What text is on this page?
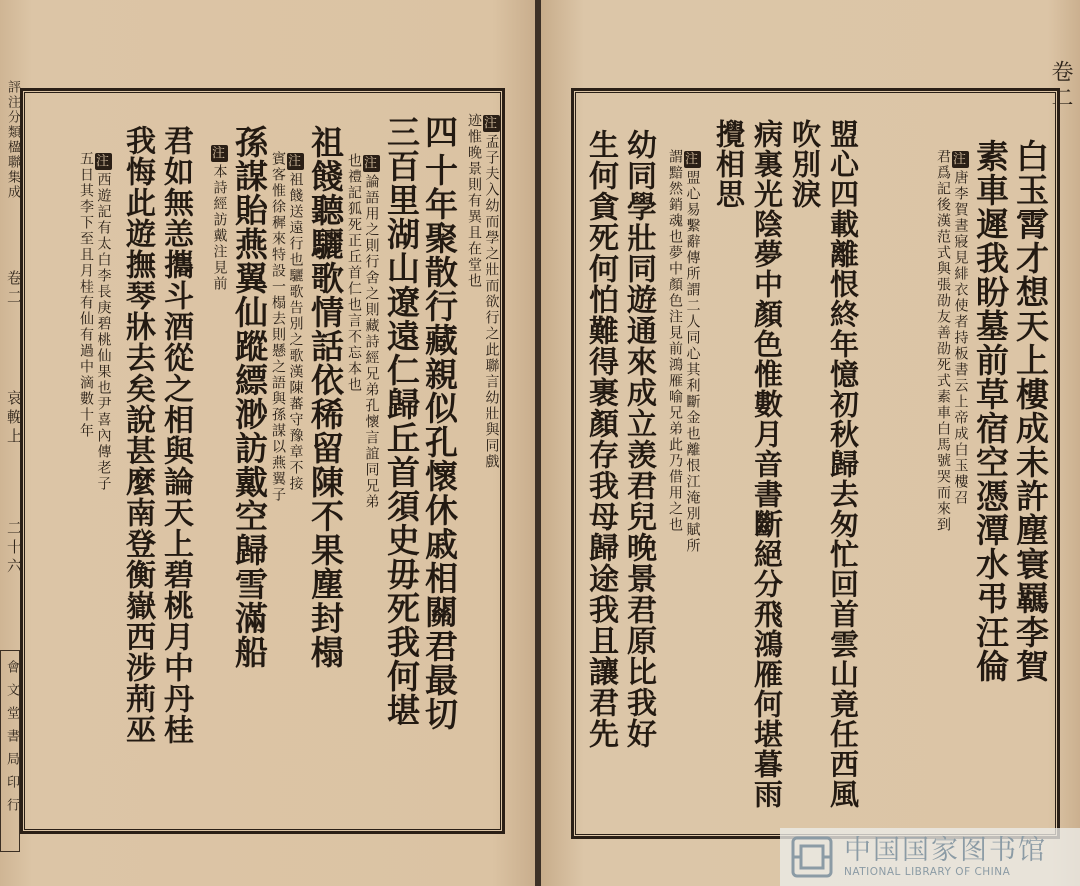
評注分類楹聯集成
卷二
哀輓上
二十六
會文堂書局印行
四 注孟子夫入幼而學之壯而欲行之此聯言幼壯與同戲
迹惟晚景則有異且在堂也
十年聚散行藏親似孔懷休戚相關君最切
三百里湖山遼遠仁歸丘首須史毋死我何堪
注論語用之則行舍之則藏詩經兄弟孔懷言誼同兄弟
也禮記狐死正丘首仁也言不忘本也
祖餞聽驪歌情話依稀留陳不果塵封榻
注祖餞送遠行也驪歌告別之歌漢陳蕃守豫章不接
賓客惟徐穉來特設一榻去則懸之語與孫謀以燕翼子
孫謀貽燕翼仙蹤縹渺訪戴空歸雪滿船
注本詩經訪戴注見前
君如無恙攜斗酒從之相與論天上碧桃月中丹桂
我悔此遊撫琴牀去矣說甚麼南登衡嶽西涉荊巫
注西遊記有太白李長庚碧桃仙果也尹喜內傳老子
五日其李下至且月桂有仙有過中滴數十年
卷二
白玉霄才想天上樓成未許塵寰羈李賀
素車遲我盼墓前草宿空憑潭水弔汪倫
注唐李賀晝寢見緋衣使者持板書云上帝成白玉樓召
君爲記後漢范式與張劭友善劭死式素車白馬號哭而來到
盟心四載離恨終年憶初秋歸去匆忙回首雲山竟任西風
吹別淚
病裏光陰夢中顏色惟數月音書斷絕分飛鴻雁何堪暮雨
攪相思
注盟心易繫辭傳所謂二人同心其利斷金也離恨江淹別賦所
謂黯然銷魂也夢中顏色注見前鴻雁喻兄弟此乃借用之也
幼同學壯同遊通來成立羡君兒晚景君原比我好
生何貪死何怕難得裹顏存我母歸途我且讓君先
中国国家图书馆
NATIONAL LIBRARY OF CHINA
